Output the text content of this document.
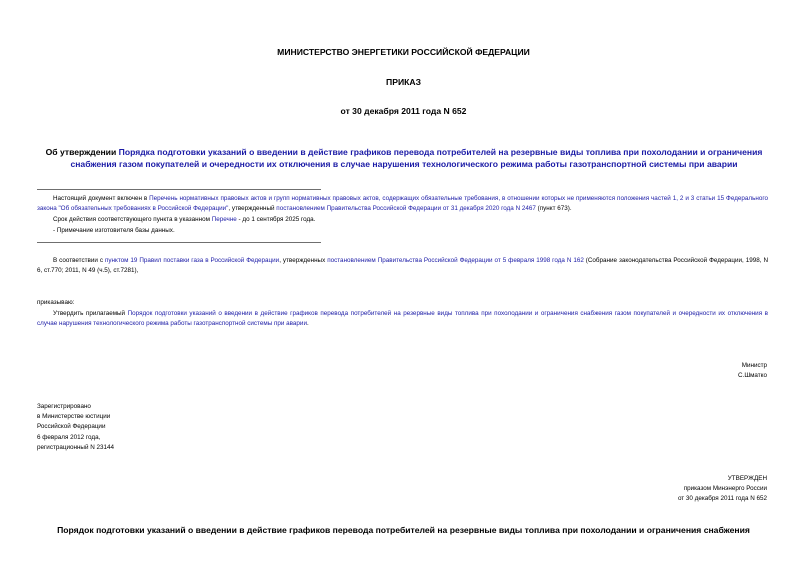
МИНИСТЕРСТВО ЭНЕРГЕТИКИ РОССИЙСКОЙ ФЕДЕРАЦИИ
ПРИКАЗ
от 30 декабря 2011 года N 652
Об утверждении Порядка подготовки указаний о введении в действие графиков перевода потребителей на резервные виды топлива при похолодании и ограничения снабжения газом покупателей и очередности их отключения в случае нарушения технологического режима работы газотранспортной системы при аварии
Настоящий документ включен в Перечень нормативных правовых актов и групп нормативных правовых актов, содержащих обязательные требования, в отношении которых не применяются положения частей 1, 2 и 3 статьи 15 Федерального закона "Об обязательных требованиях в Российской Федерации", утвержденный постановлением Правительства Российской Федерации от 31 декабря 2020 года N 2467 (пункт 673).
Срок действия соответствующего пункта в указанном Перечне - до 1 сентября 2025 года.
- Примечание изготовителя базы данных.
В соответствии с пунктом 19 Правил поставки газа в Российской Федерации, утвержденных постановлением Правительства Российской Федерации от 5 февраля 1998 года N 162 (Собрание законодательства Российской Федерации, 1998, N 6, ст.770; 2011, N 49 (ч.5), ст.7281),
приказываю:
Утвердить прилагаемый Порядок подготовки указаний о введении в действие графиков перевода потребителей на резервные виды топлива при похолодании и ограничения снабжения газом покупателей и очередности их отключения в случае нарушения технологического режима работы газотранспортной системы при аварии.
Министр
С.Шматко
Зарегистрировано
в Министерстве юстиции
Российской Федерации
6 февраля 2012 года,
регистрационный N 23144
УТВЕРЖДЕН
приказом Минэнерго России
от 30 декабря 2011 года N 652
Порядок подготовки указаний о введении в действие графиков перевода потребителей на резервные виды топлива при похолодании и ограничения снабжения
